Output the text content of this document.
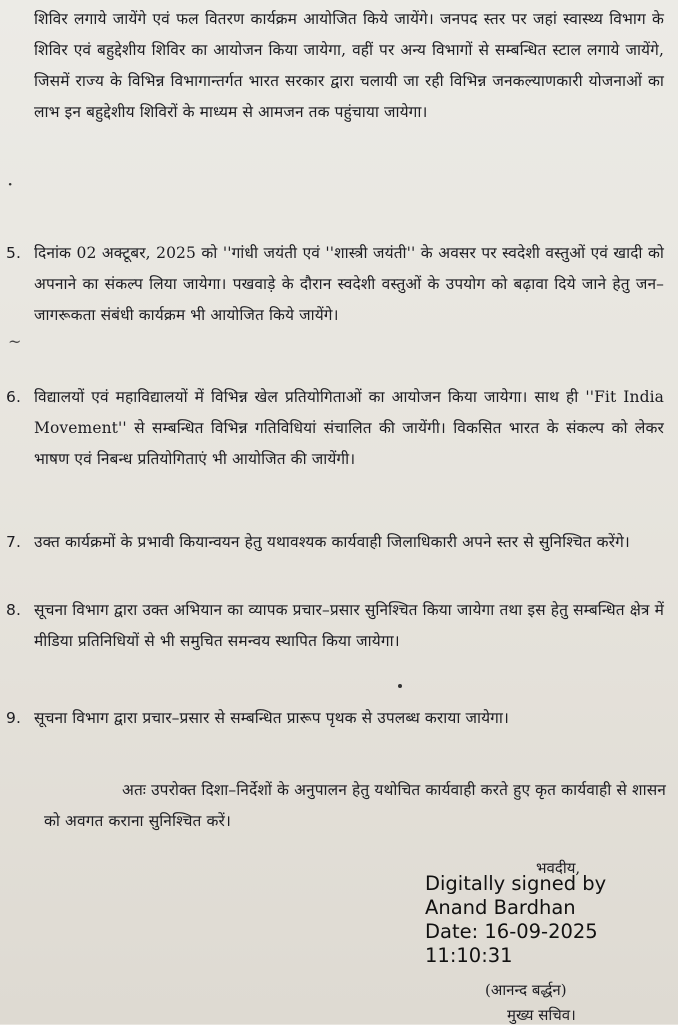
·
~
शिविर लगाये जायेंगे एवं फल वितरण कार्यक्रम आयोजित किये जायेंगे। जनपद स्तर पर जहां स्वास्थ्य विभाग के शिविर एवं बहुद्देशीय शिविर का आयोजन किया जायेगा, वहीं पर अन्य विभागों से सम्बन्धित स्टाल लगाये जायेंगे, जिसमें राज्य के विभिन्न विभागान्तर्गत भारत सरकार द्वारा चलायी जा रही विभिन्न जनकल्याणकारी योजनाओं का लाभ इन बहुद्देशीय शिविरों के माध्यम से आमजन तक पहुंचाया जायेगा।
5. दिनांक 02 अक्टूबर, 2025 को ''गांधी जयंती एवं ''शास्त्री जयंती'' के अवसर पर स्वदेशी वस्तुओं एवं खादी को अपनाने का संकल्प लिया जायेगा। पखवाड़े के दौरान स्वदेशी वस्तुओं के उपयोग को बढ़ावा दिये जाने हेतु जन–जागरूकता संबंधी कार्यक्रम भी आयोजित किये जायेंगे।
6. विद्यालयों एवं महाविद्यालयों में विभिन्न खेल प्रतियोगिताओं का आयोजन किया जायेगा। साथ ही ''Fit India Movement'' से सम्बन्धित विभिन्न गतिविधियां संचालित की जायेंगी। विकसित भारत के संकल्प को लेकर भाषण एवं निबन्ध प्रतियोगिताएं भी आयोजित की जायेंगी।
7. उक्त कार्यक्रमों के प्रभावी कियान्वयन हेतु यथावश्यक कार्यवाही जिलाधिकारी अपने स्तर से सुनिश्चित करेंगे।
8. सूचना विभाग द्वारा उक्त अभियान का व्यापक प्रचार–प्रसार सुनिश्चित किया जायेगा तथा इस हेतु सम्बन्धित क्षेत्र में मीडिया प्रतिनिधियों से भी समुचित समन्वय स्थापित किया जायेगा।
9. सूचना विभाग द्वारा प्रचार–प्रसार से सम्बन्धित प्रारूप पृथक से उपलब्ध कराया जायेगा।
अतः उपरोक्त दिशा–निर्देशों के अनुपालन हेतु यथोचित कार्यवाही करते हुए कृत कार्यवाही से शासन को अवगत कराना सुनिश्चित करें।
भवदीय,
Digitally signed by
Anand Bardhan
Date: 16-09-2025
11:10:31
(आनन्द बर्द्धन)
मुख्य सचिव।
